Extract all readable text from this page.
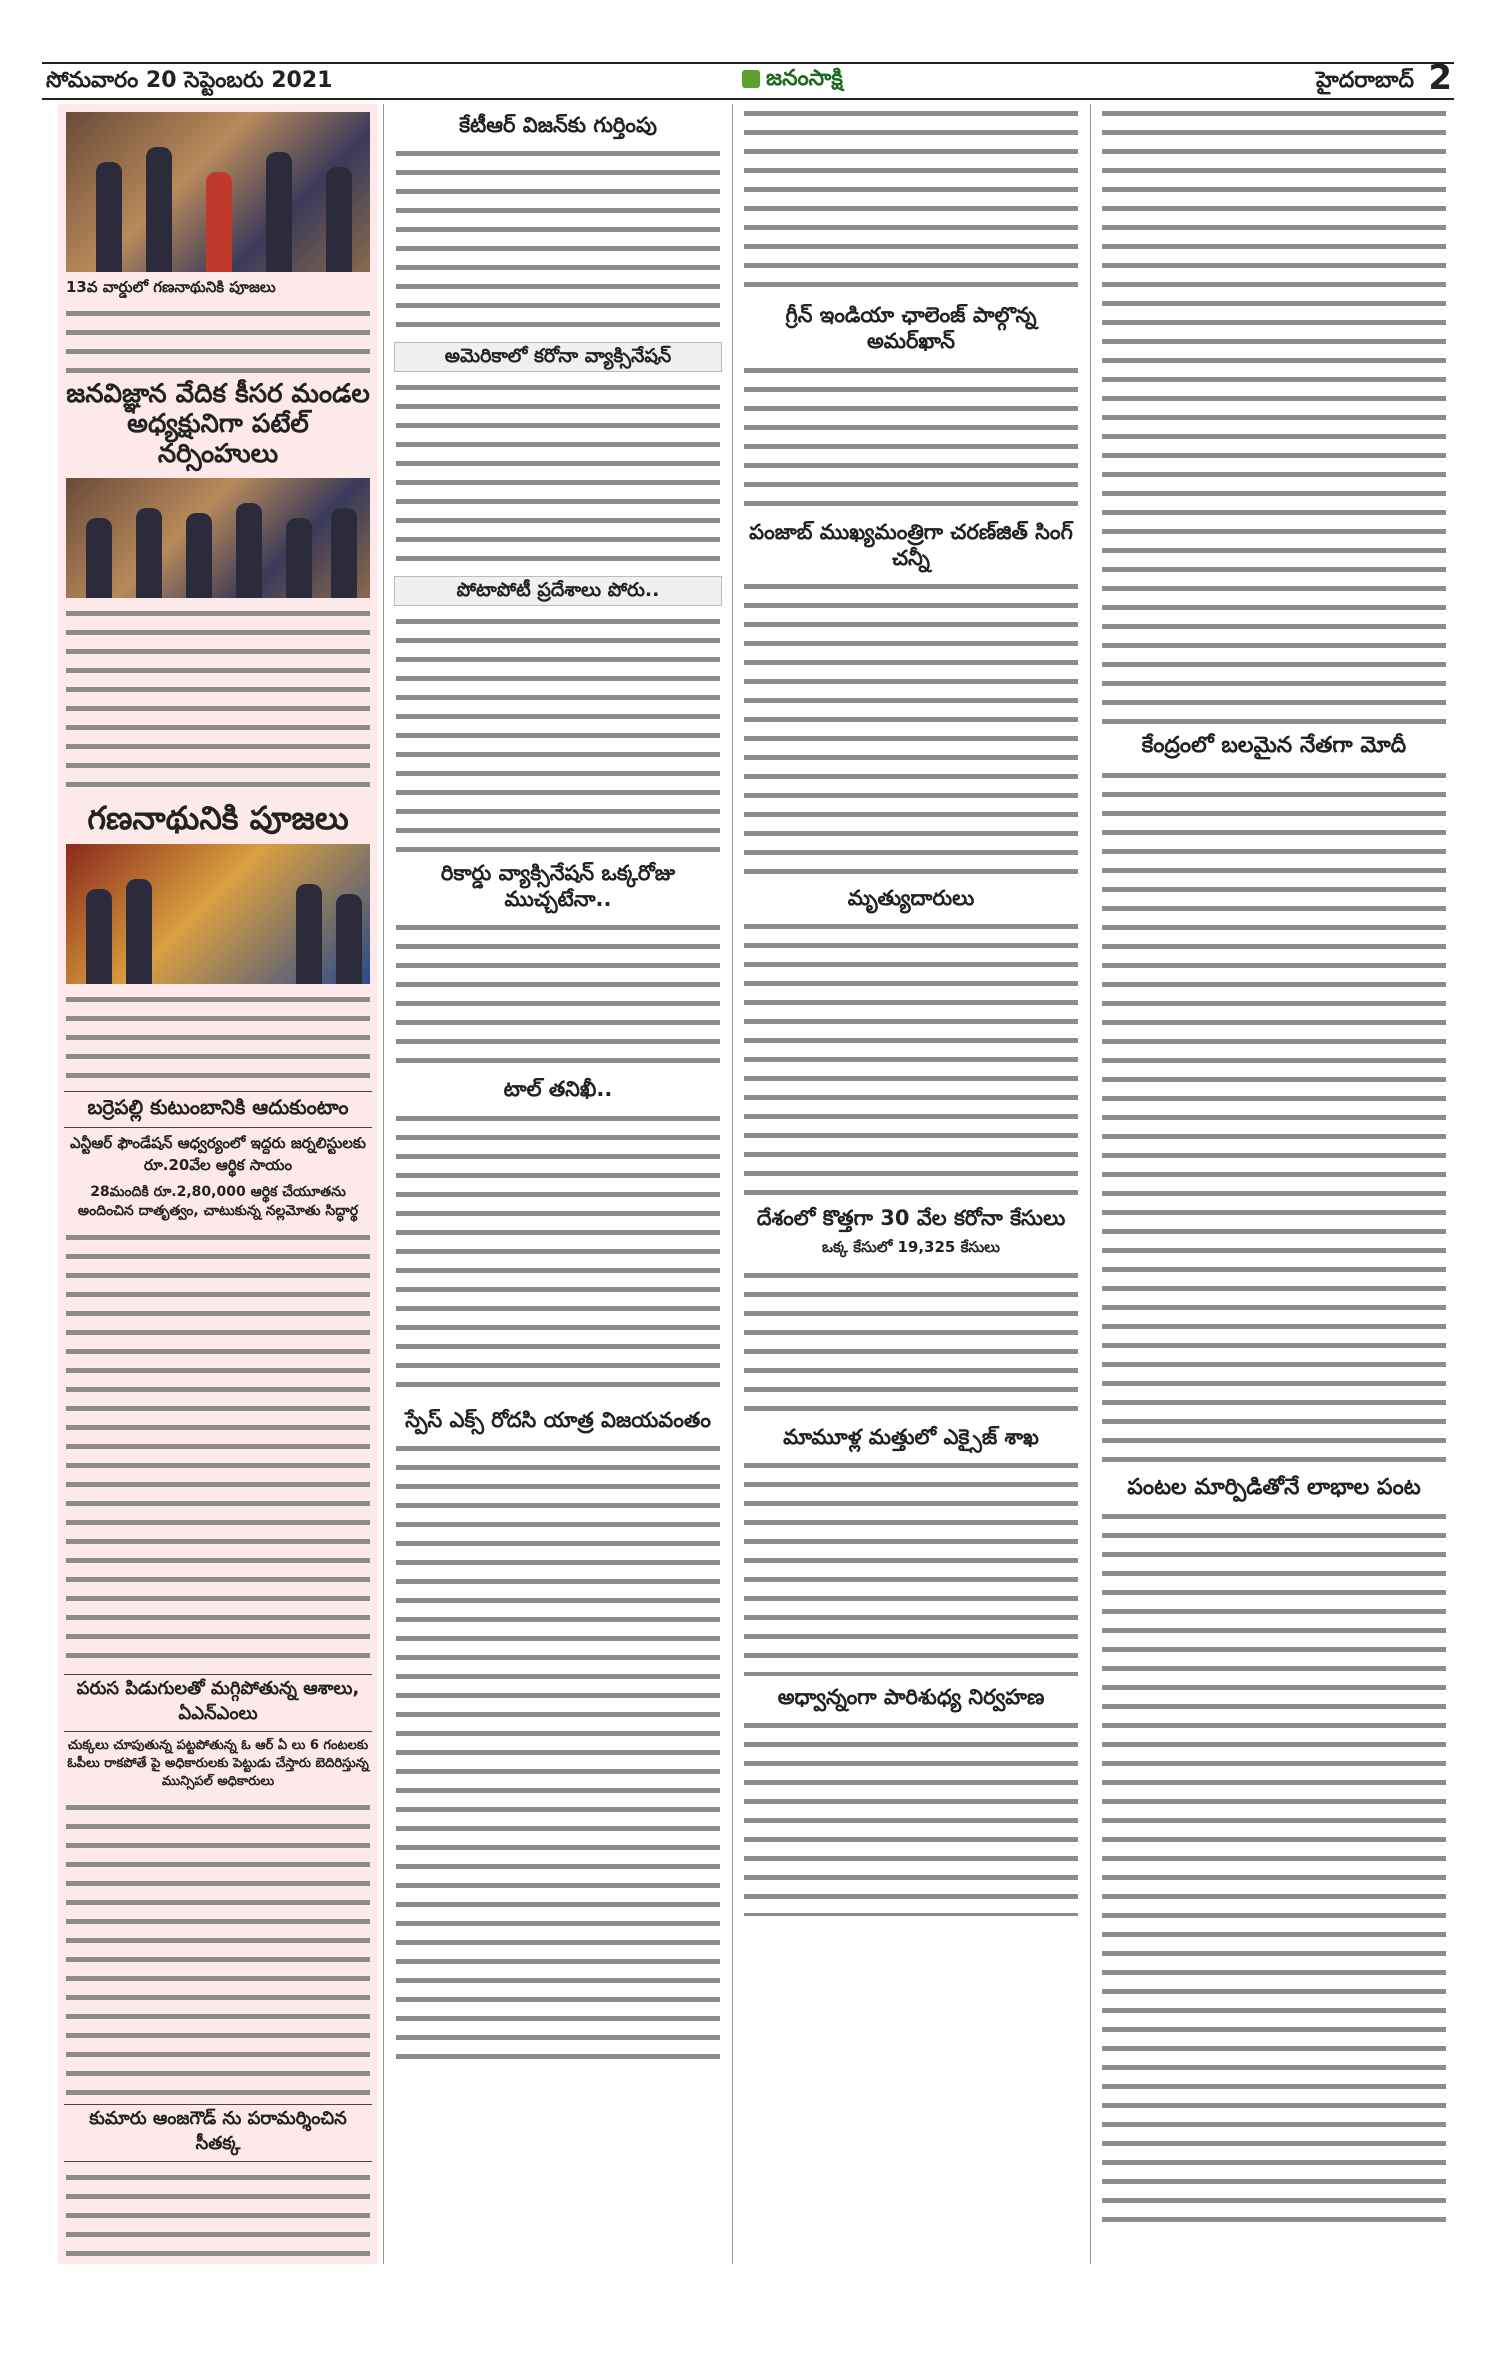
సోమవారం 20 సెప్టెంబరు 2021	జనంసాక్షి	హైదరాబాద్ 2
13వ వార్డులో గణనాథునికి పూజలు
జనవిజ్ఞాన వేదిక కీసర మండల అధ్యక్షునిగా పటేల్ నర్సింహులు
గణనాథునికి పూజలు
బర్రెపల్లి కుటుంబానికి ఆదుకుంటాం
ఎన్టీఆర్ ఫౌండేషన్ ఆధ్వర్యంలో ఇద్దరు జర్నలిస్టులకు రూ.20వేల ఆర్థిక సాయం
28మందికి రూ.2,80,000 ఆర్థిక చేయూతను అందించిన దాతృత్వం, చాటుకున్న నల్లమోతు సిద్ధార్థ
పరుస పిడుగులతో మగ్గిపోతున్న ఆశాలు, ఏఎన్ఎంలు
చుక్కలు చూపుతున్న పట్టపోతున్న ఓ ఆర్ ఏ లు 6 గంటలకు ఓపీలు రాకపోతే పై అధికారులకు పెట్టుడు చేస్తారు బెదిరిస్తున్న మున్సిపల్ అధికారులు
కుమారు ఆంజగౌడ్ ను పరామర్శించిన సీతక్క
కేటీఆర్ విజన్‌కు గుర్తింపు
అమెరికాలో కరోనా వ్యాక్సినేషన్
పోటాపోటీ ప్రదేశాలు పోరు..
రికార్డు వ్యాక్సినేషన్ ఒక్కరోజు ముచ్చటేనా..
టాల్ తనిఖీ..
స్పేస్ ఎక్స్ రోదసి యాత్ర విజయవంతం
గ్రీన్ ఇండియా ఛాలెంజ్ పాల్గొన్న అమర్‌ఖాన్
పంజాబ్ ముఖ్యమంత్రిగా చరణ్‌జిత్ సింగ్ చన్నీ
మృత్యుదారులు
దేశంలో కొత్తగా 30 వేల కరోనా కేసులు
ఒక్క కేసులో 19,325 కేసులు
మామూళ్ల మత్తులో ఎక్సైజ్ శాఖ
అధ్వాన్నంగా పారిశుధ్య నిర్వహణ
కేంద్రంలో బలమైన నేతగా మోదీ
పంటల మార్పిడితోనే లాభాల పంట
